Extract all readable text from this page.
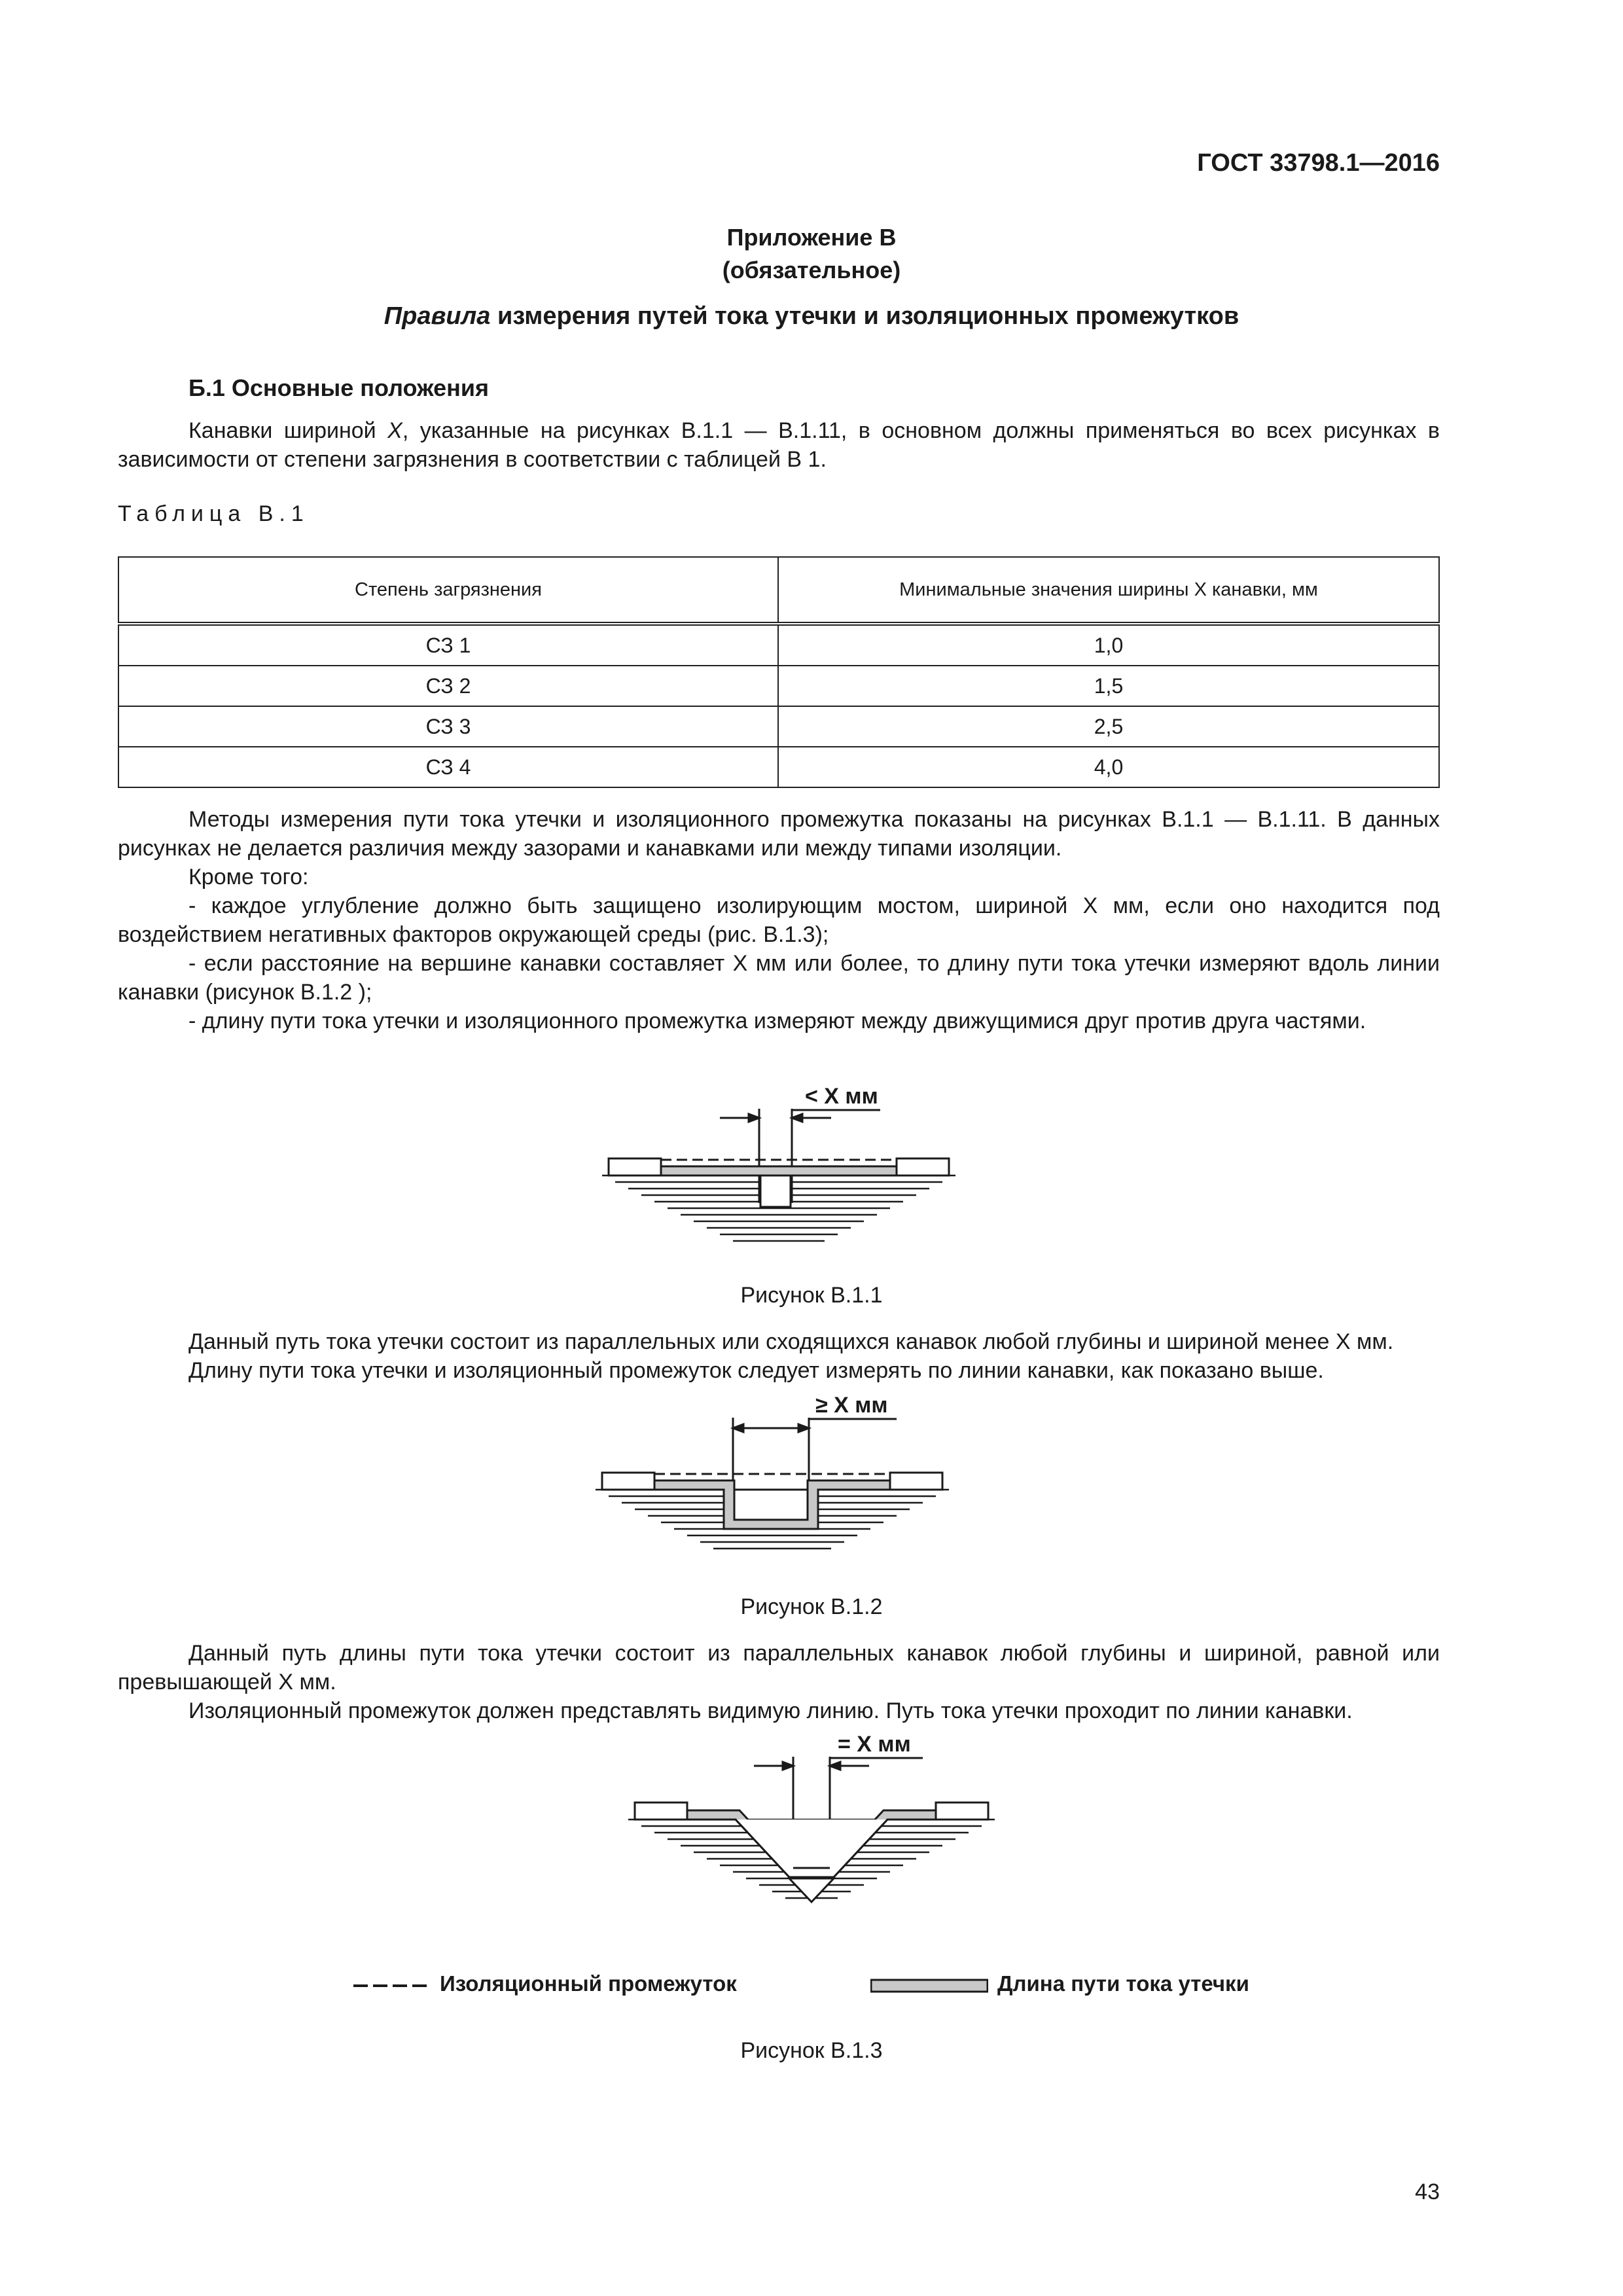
ГОСТ 33798.1—2016
Приложение В
(обязательное)
Правила измерения путей тока утечки и изоляционных промежутков
Б.1 Основные положения
Канавки шириной X, указанные на рисунках В.1.1 — В.1.11, в основном должны применяться во всех рисунках в зависимости от степени загрязнения в соответствии с таблицей В 1.
Таблица В.1
Степень загрязнения	Минимальные значения ширины X канавки, мм
СЗ 1	1,0
СЗ 2	1,5
СЗ 3	2,5
СЗ 4	4,0
Методы измерения пути тока утечки и изоляционного промежутка показаны на рисунках В.1.1 — В.1.11. В данных рисунках не делается различия между зазорами и канавками или между типами изоляции.
Кроме того:
- каждое углубление должно быть защищено изолирующим мостом, шириной X мм, если оно находится под воздействием негативных факторов окружающей среды (рис. В.1.3);
- если расстояние на вершине канавки составляет X мм или более, то длину пути тока утечки измеряют вдоль линии канавки (рисунок В.1.2 );
- длину пути тока утечки и изоляционного промежутка измеряют между движущимися друг против друга частями.
< X мм
Рисунок В.1.1
Данный путь тока утечки состоит из параллельных или сходящихся канавок любой глубины и шириной менее X мм.
Длину пути тока утечки и изоляционный промежуток следует измерять по линии канавки, как показано выше.
≥ X мм
Рисунок В.1.2
Данный путь длины пути тока утечки состоит из параллельных канавок любой глубины и шириной, равной или превышающей X мм.
Изоляционный промежуток должен представлять видимую линию. Путь тока утечки проходит по линии канавки.
= X мм
Изоляционный промежуток	Длина пути тока утечки
Рисунок В.1.3
43
